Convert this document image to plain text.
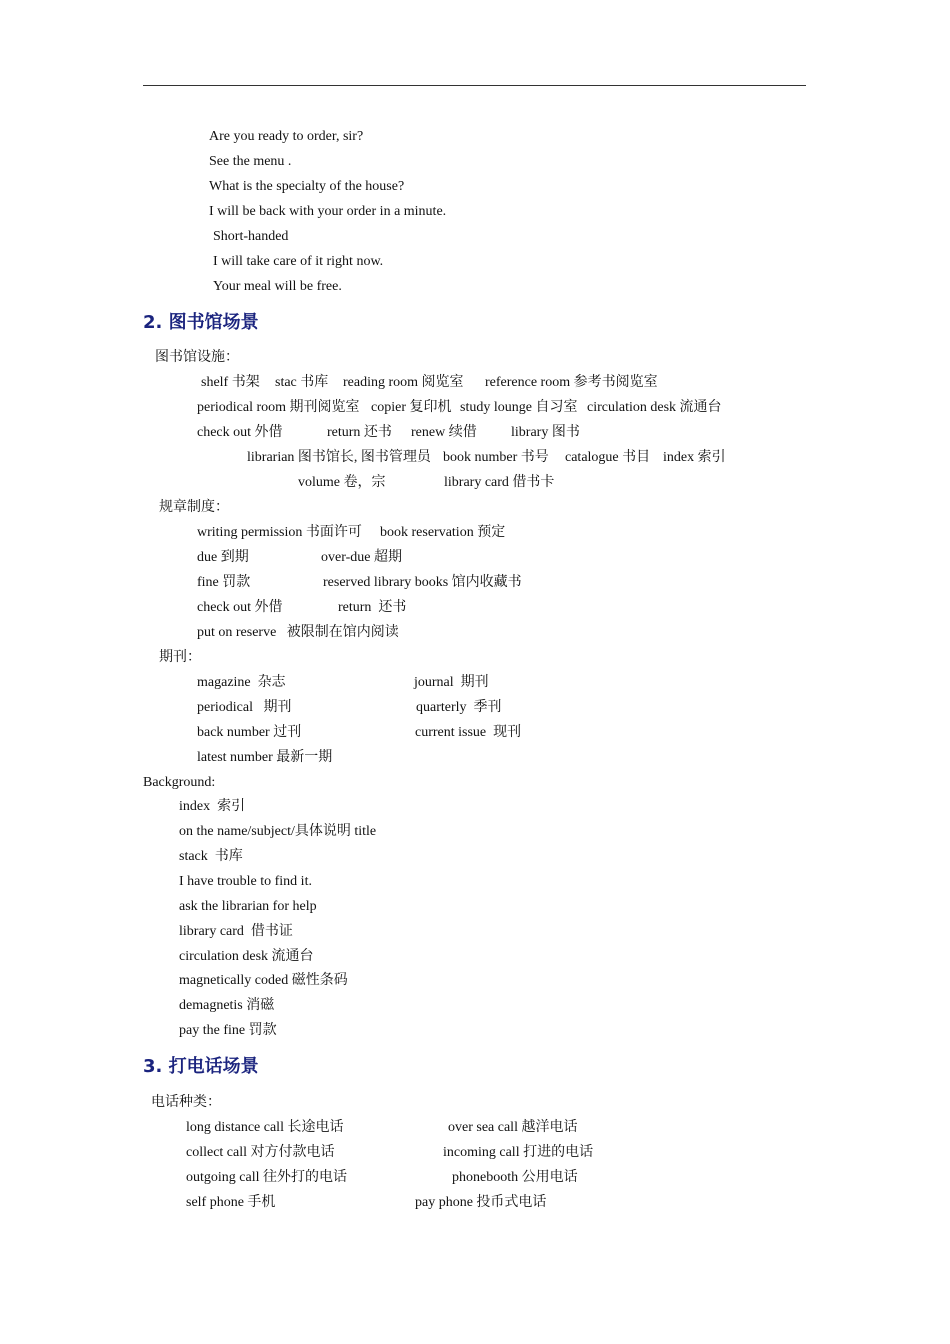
Are you ready to order, sir?
See the menu .
What is the specialty of the house?
I will be back with your order in a minute.
Short-handed
I will take care of it right now.
Your meal will be free.
2. 图书馆场景
图书馆设施：
shelf 书架 stac 书库 reading room 阅览室 reference room 参考书阅览室
periodical room 期刊阅览室 copier 复印机 study lounge 自习室 circulation desk 流通台
check out 外借	return 还书 renew 续借 library 图书
librarian 图书馆长, 图书管理员 book number 书号 catalogue 书目 index 索引
volume 卷，宗	library card 借书卡
规章制度：
writing permission 书面许可 book reservation 预定
due 到期	over-due 超期
fine 罚款	reserved library books 馆内收藏书
check out 外借	return  还书
put on reserve   被限制在馆内阅读
期刊：
magazine  杂志	journal  期刊
periodical   期刊	quarterly  季刊
back number 过刊	current issue  现刊
latest number 最新一期
Background:
index  索引
on the name/subject/具体说明 title
stack  书库
I have trouble to find it.
ask the librarian for help
library card  借书证
circulation desk 流通台
magnetically coded 磁性条码
demagnetis 消磁
pay the fine 罚款
3. 打电话场景
电话种类：
long distance call 长途电话	over sea call 越洋电话
collect call 对方付款电话	incoming call 打进的电话
outgoing call 往外打的电话	phonebooth 公用电话
self phone 手机	pay phone 投币式电话
